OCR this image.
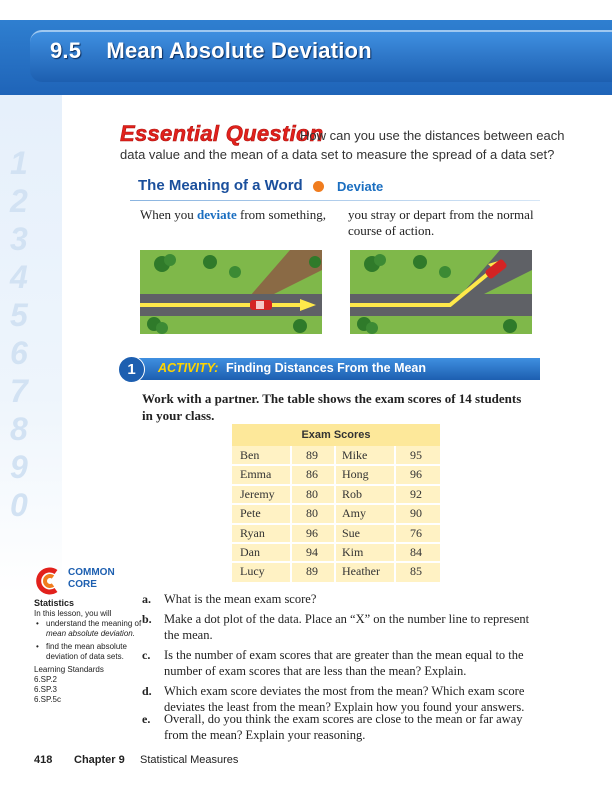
9.5    Mean Absolute Deviation
1
2
3
4
5
6
7
8
9
0
Essential Question
How can you use the distances between each
data value and the mean of a data set to measure the spread of a data set?
The Meaning of a Word	Deviate
When you deviate from something, you stray or depart from the normal course of action.
1	ACTIVITY: Finding Distances From the Mean
Work with a partner. The table shows the exam scores of 14 students in your class.
Exam Scores
Ben	89	Mike	95
Emma	86	Hong	96
Jeremy	80	Rob	92
Pete	80	Amy	90
Ryan	96	Sue	76
Dan	94	Kim	84
Lucy	89	Heather	85
COMMON
CORE
Statistics
In this lesson, you will
• understand the meaning of
mean absolute deviation.
• find the mean absolute deviation of data sets.
Learning Standards
6.SP.2
6.SP.3
6.SP.5c
a. What is the mean exam score?
b. Make a dot plot of the data. Place an “X” on the number line to represent the mean.
c. Is the number of exam scores that are greater than the mean equal to the number of exam scores that are less than the mean? Explain.
d. Which exam score deviates the most from the mean? Which exam score deviates the least from the mean? Explain how you found your answers.
e. Overall, do you think the exam scores are close to the mean or far away from the mean? Explain your reasoning.
418 Chapter 9 Statistical Measures
